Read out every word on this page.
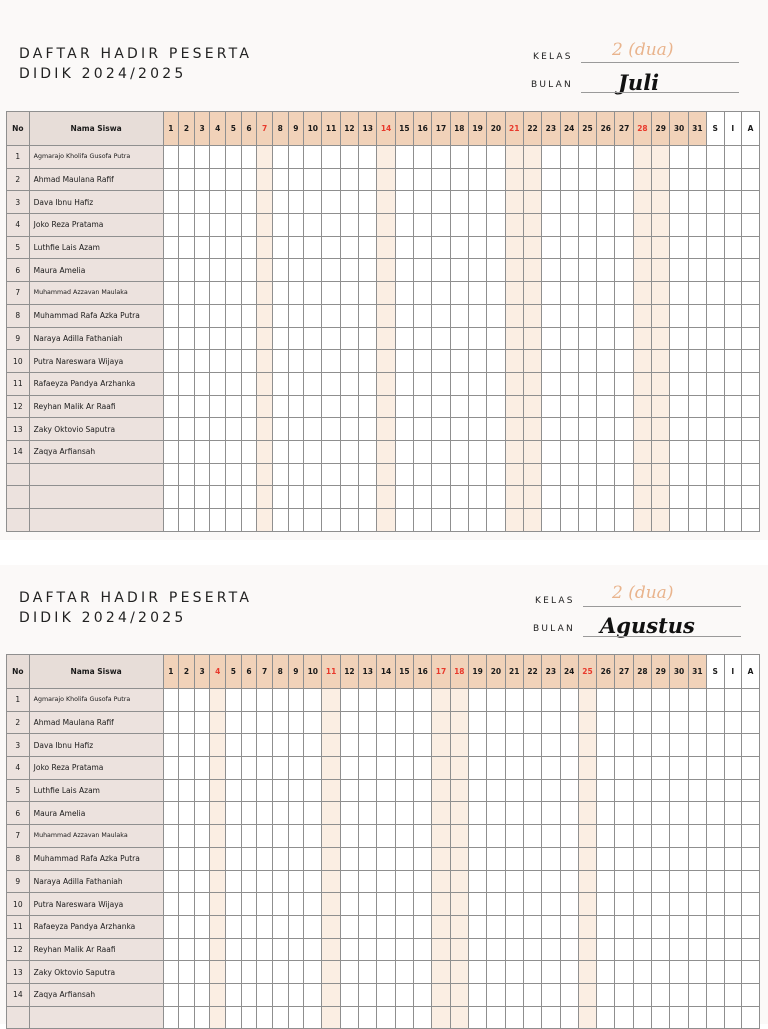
DAFTAR HADIR PESERTA
DIDIK 2024/2025
KELAS 2 (dua)
BULAN Juli
No	Nama Siswa	1	2	3	4	5	6	7	8	9	10	11	12	13	14	15	16	17	18	19	20	21	22	23	24	25	26	27	28	29	30	31	S	I	A
1	Agmarajo Kholifa Gusofa Putra																																		
2	Ahmad Maulana Rafif																																		
3	Dava Ibnu Hafiz																																		
4	Joko Reza Pratama																																		
5	Luthfie Lais Azam																																		
6	Maura Amelia																																		
7	Muhammad Azzavan Maulaka																																		
8	Muhammad Rafa Azka Putra																																		
9	Naraya Adilla Fathaniah																																		
10	Putra Nareswara Wijaya																																		
11	Rafaeyza Pandya Arzhanka																																		
12	Reyhan Malik Ar Raafi																																		
13	Zaky Oktovio Saputra																																		
14	Zaqya Arfiansah																																		

DAFTAR HADIR PESERTA
DIDIK 2024/2025
KELAS 2 (dua)
BULAN Agustus
No	Nama Siswa	1	2	3	4	5	6	7	8	9	10	11	12	13	14	15	16	17	18	19	20	21	22	23	24	25	26	27	28	29	30	31	S	I	A
1	Agmarajo Kholifa Gusofa Putra																																		
2	Ahmad Maulana Rafif																																		
3	Dava Ibnu Hafiz																																		
4	Joko Reza Pratama																																		
5	Luthfie Lais Azam																																		
6	Maura Amelia																																		
7	Muhammad Azzavan Maulaka																																		
8	Muhammad Rafa Azka Putra																																		
9	Naraya Adilla Fathaniah																																		
10	Putra Nareswara Wijaya																																		
11	Rafaeyza Pandya Arzhanka																																		
12	Reyhan Malik Ar Raafi																																		
13	Zaky Oktovio Saputra																																		
14	Zaqya Arfiansah																																		
